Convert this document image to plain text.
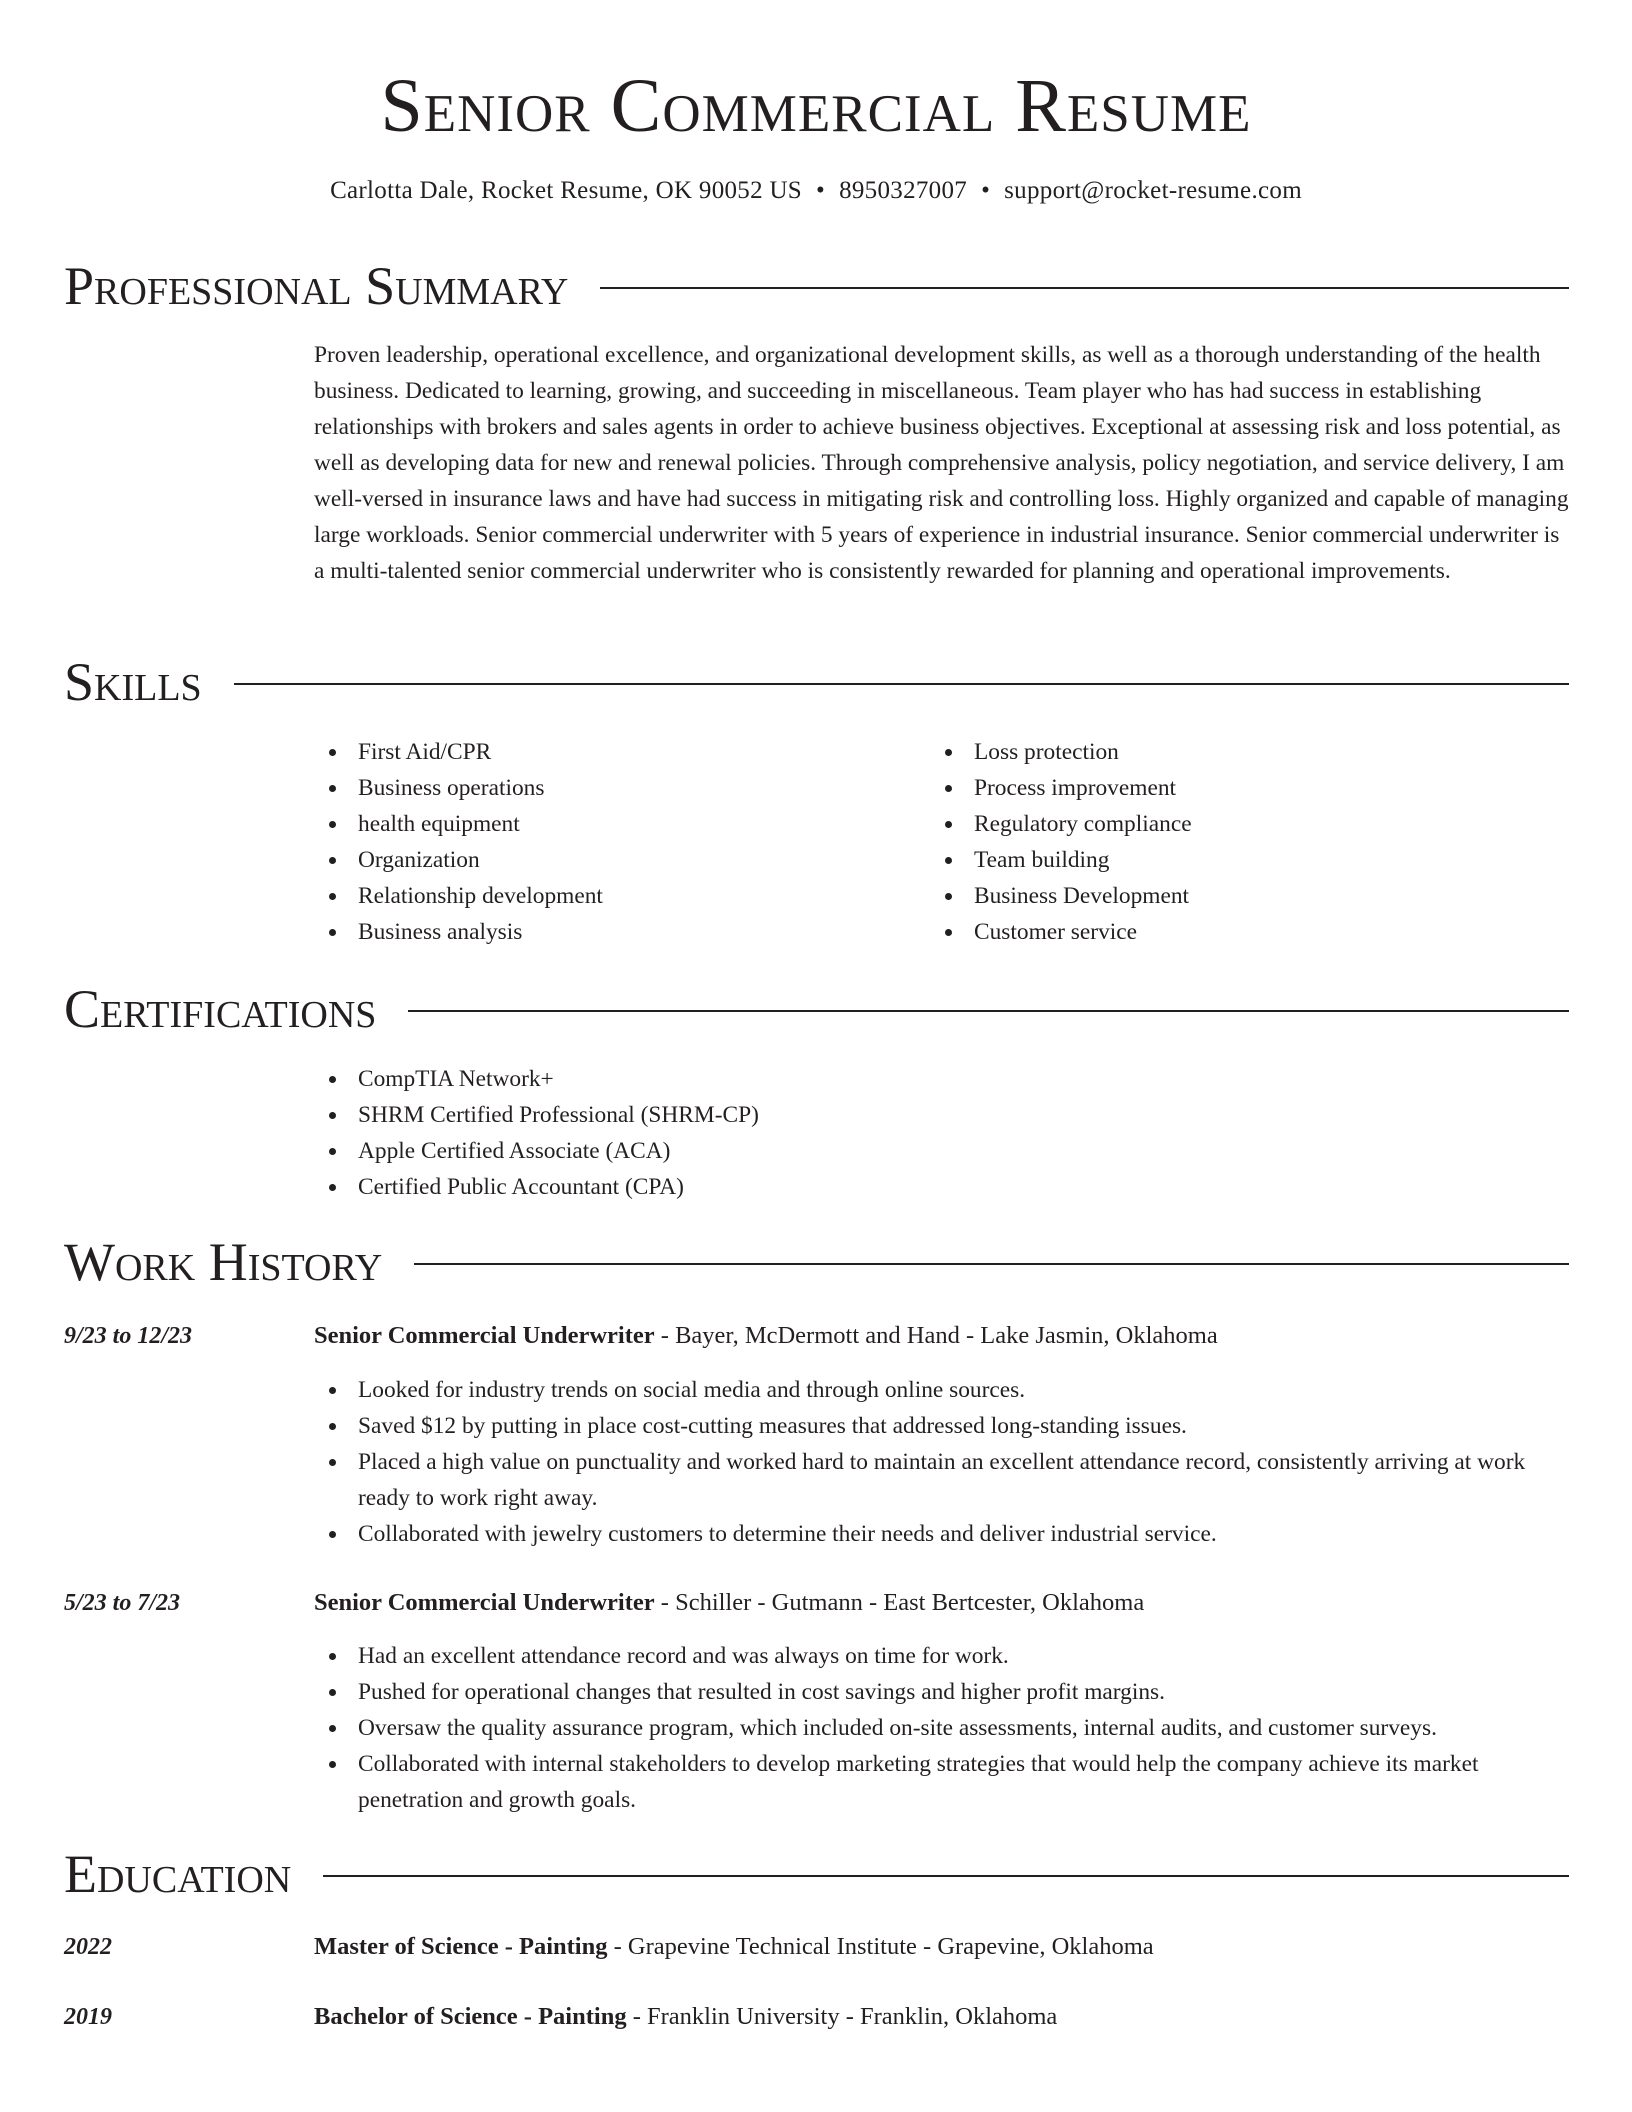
Senior Commercial Resume
Carlotta Dale, Rocket Resume, OK 90052 US • 8950327007 • support@rocket-resume.com
Professional Summary

Proven leadership, operational excellence, and organizational development skills, as well as a thorough understanding of the health business. Dedicated to learning, growing, and succeeding in miscellaneous. Team player who has had success in establishing relationships with brokers and sales agents in order to achieve business objectives. Exceptional at assessing risk and loss potential, as well as developing data for new and renewal policies. Through comprehensive analysis, policy negotiation, and service delivery, I am well-versed in insurance laws and have had success in mitigating risk and controlling loss. Highly organized and capable of managing large workloads. Senior commercial underwriter with 5 years of experience in industrial insurance. Senior commercial underwriter is a multi-talented senior commercial underwriter who is consistently rewarded for planning and operational improvements.

Skills
First Aid/CPR
Business operations
health equipment
Organization
Relationship development
Business analysis
Loss protection
Process improvement
Regulatory compliance
Team building
Business Development
Customer service
Certifications
CompTIA Network+
SHRM Certified Professional (SHRM-CP)
Apple Certified Associate (ACA)
Certified Public Accountant (CPA)
Work History
9/23 to 12/23	Senior Commercial Underwriter - Bayer, McDermott and Hand - Lake Jasmin, Oklahoma
Looked for industry trends on social media and through online sources.
Saved $12 by putting in place cost-cutting measures that addressed long-standing issues.
Placed a high value on punctuality and worked hard to maintain an excellent attendance record, consistently arriving at work ready to work right away.
Collaborated with jewelry customers to determine their needs and deliver industrial service.
5/23 to 7/23	Senior Commercial Underwriter - Schiller - Gutmann - East Bertcester, Oklahoma
Had an excellent attendance record and was always on time for work.
Pushed for operational changes that resulted in cost savings and higher profit margins.
Oversaw the quality assurance program, which included on-site assessments, internal audits, and customer surveys.
Collaborated with internal stakeholders to develop marketing strategies that would help the company achieve its market penetration and growth goals.
Education
2022	Master of Science - Painting - Grapevine Technical Institute - Grapevine, Oklahoma
2019	Bachelor of Science - Painting - Franklin University - Franklin, Oklahoma
